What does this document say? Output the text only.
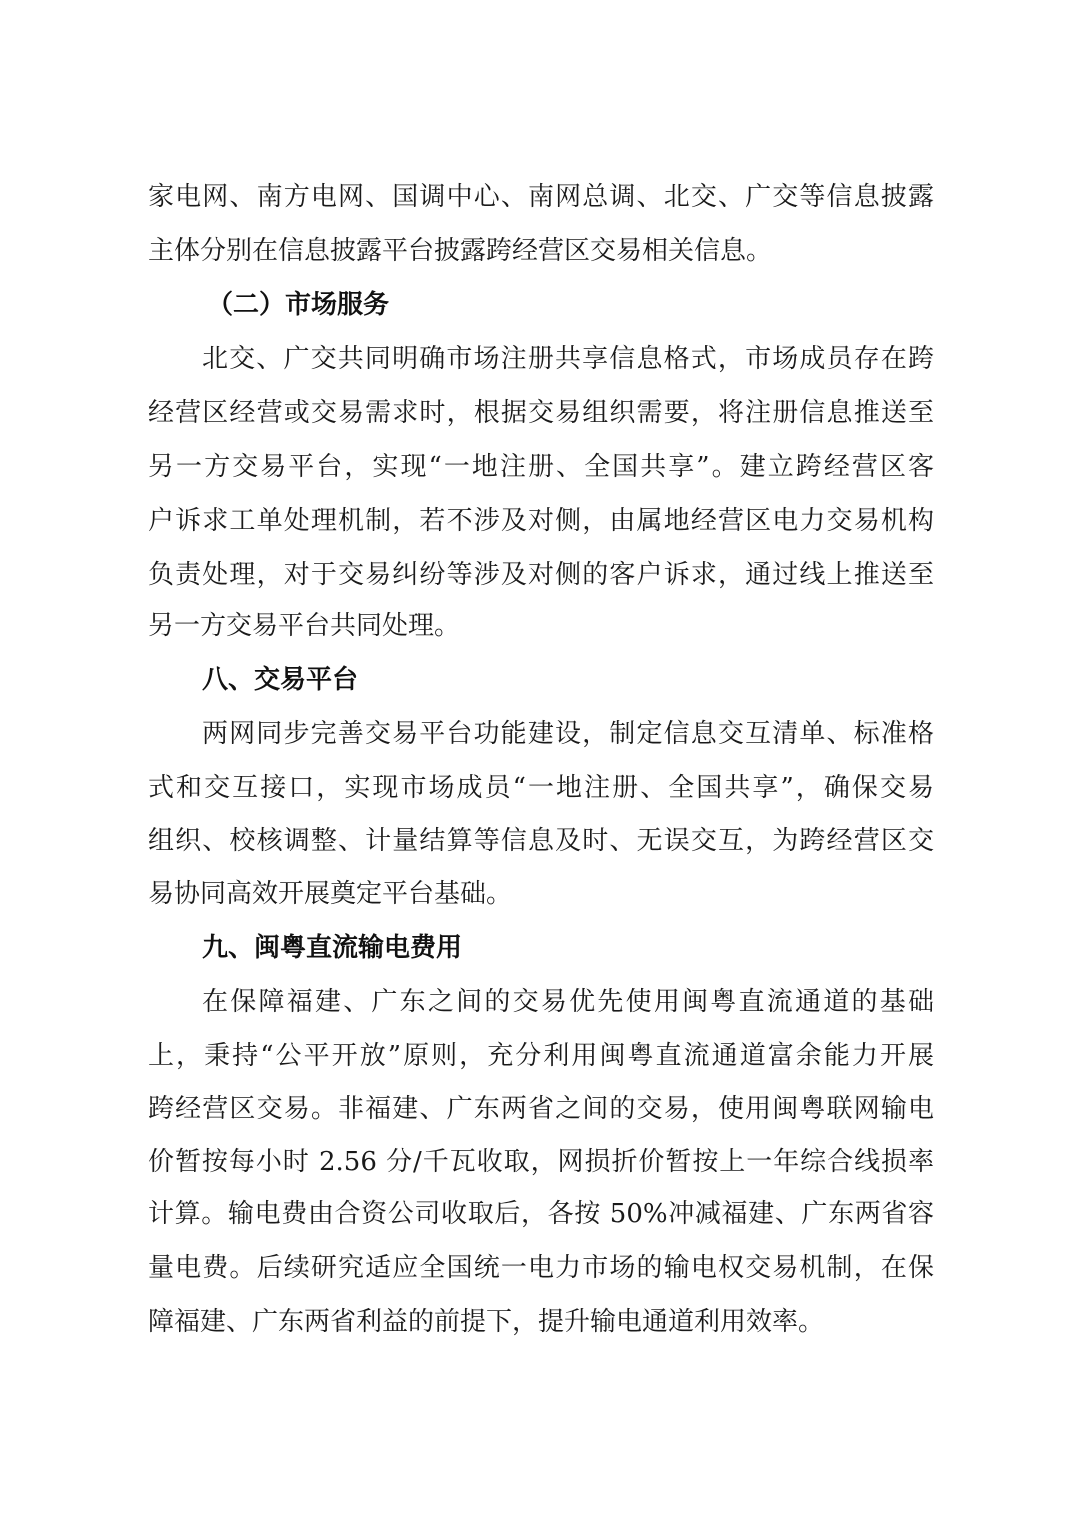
家电网、南方电网、国调中心、南网总调、北交、广交等信息披露
主体分别在信息披露平台披露跨经营区交易相关信息。
（二）市场服务
北交、广交共同明确市场注册共享信息格式，市场成员存在跨
经营区经营或交易需求时，根据交易组织需要，将注册信息推送至
另一方交易平台，实现“一地注册、全国共享”。建立跨经营区客
户诉求工单处理机制，若不涉及对侧，由属地经营区电力交易机构
负责处理，对于交易纠纷等涉及对侧的客户诉求，通过线上推送至
另一方交易平台共同处理。
八、交易平台
两网同步完善交易平台功能建设，制定信息交互清单、标准格
式和交互接口，实现市场成员“一地注册、全国共享”，确保交易
组织、校核调整、计量结算等信息及时、无误交互，为跨经营区交
易协同高效开展奠定平台基础。
九、闽粤直流输电费用
在保障福建、广东之间的交易优先使用闽粤直流通道的基础
上，秉持“公平开放”原则，充分利用闽粤直流通道富余能力开展
跨经营区交易。非福建、广东两省之间的交易，使用闽粤联网输电
价暂按每小时 2.56 分/千瓦收取，网损折价暂按上一年综合线损率
计算。输电费由合资公司收取后，各按 50%冲减福建、广东两省容
量电费。后续研究适应全国统一电力市场的输电权交易机制，在保
障福建、广东两省利益的前提下，提升输电通道利用效率。
